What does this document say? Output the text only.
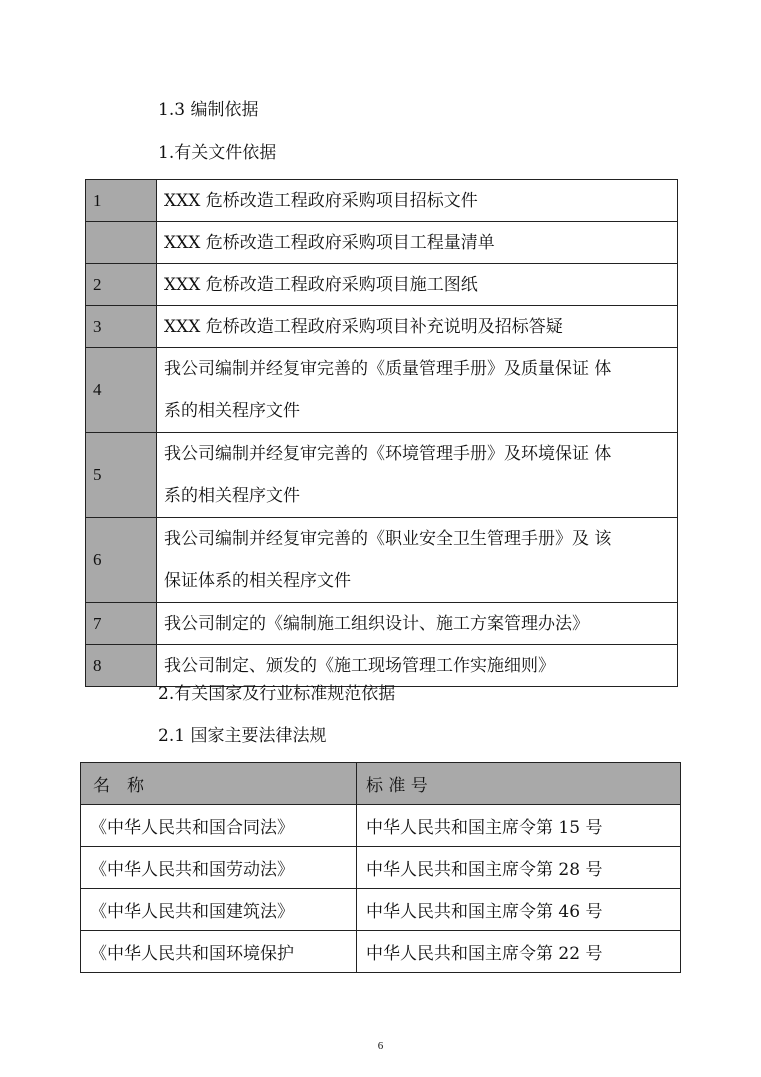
1.3 编制依据
1.有关文件依据
1	XXX 危桥改造工程政府采购项目招标文件
	XXX 危桥改造工程政府采购项目工程量清单
2	XXX 危桥改造工程政府采购项目施工图纸
3	XXX 危桥改造工程政府采购项目补充说明及招标答疑
4	我公司编制并经复审完善的《质量管理手册》及质量保证 体
系的相关程序文件

5	我公司编制并经复审完善的《环境管理手册》及环境保证 体
系的相关程序文件

6	我公司编制并经复审完善的《职业安全卫生管理手册》及 该
保证体系的相关程序文件

7	我公司制定的《编制施工组织设计、施工方案管理办法》
8	我公司制定、颁发的《施工现场管理工作实施细则》
2.有关国家及行业标准规范依据
2.1 国家主要法律法规
名　称	标 准 号
《中华人民共和国合同法》	中华人民共和国主席令第 15 号
《中华人民共和国劳动法》	中华人民共和国主席令第 28 号
《中华人民共和国建筑法》	中华人民共和国主席令第 46 号
《中华人民共和国环境保护	中华人民共和国主席令第 22 号
6
